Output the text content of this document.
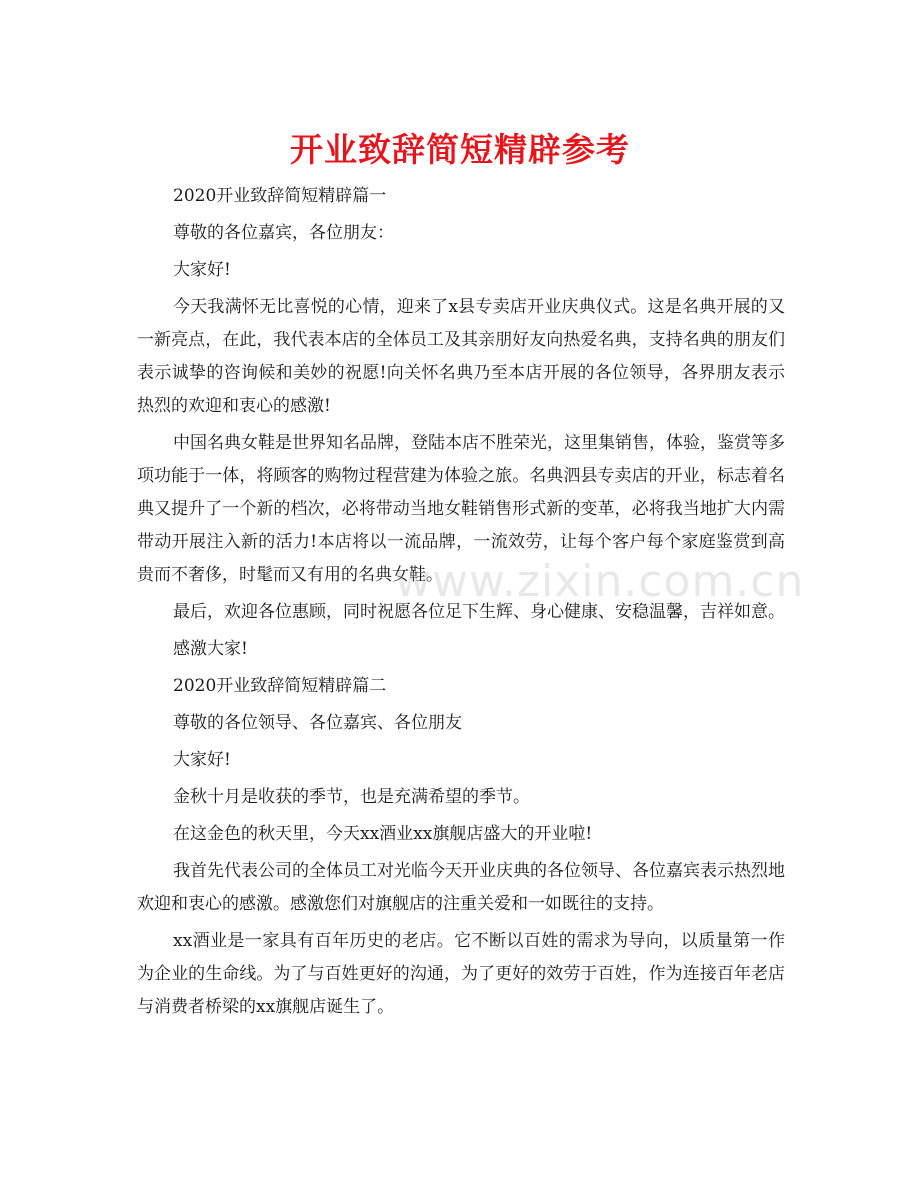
开业致辞简短精辟参考

2020开业致辞简短精辟篇一

尊敬的各位嘉宾，各位朋友：

大家好!

今天我满怀无比喜悦的心情，迎来了x县专卖店开业庆典仪式。这是名典开展的又一新亮点，在此，我代表本店的全体员工及其亲朋好友向热爱名典，支持名典的朋友们表示诚挚的咨询候和美妙的祝愿!向关怀名典乃至本店开展的各位领导，各界朋友表示热烈的欢迎和衷心的感激!

中国名典女鞋是世界知名品牌，登陆本店不胜荣光，这里集销售，体验，鉴赏等多项功能于一体，将顾客的购物过程营建为体验之旅。名典泗县专卖店的开业，标志着名典又提升了一个新的档次，必将带动当地女鞋销售形式新的变革，必将我当地扩大内需带动开展注入新的活力!本店将以一流品牌，一流效劳，让每个客户每个家庭鉴赏到高贵而不奢侈，时髦而又有用的名典女鞋。

最后，欢迎各位惠顾，同时祝愿各位足下生辉、身心健康、安稳温馨，吉祥如意。

感激大家!

2020开业致辞简短精辟篇二

尊敬的各位领导、各位嘉宾、各位朋友

大家好!

金秋十月是收获的季节，也是充满希望的季节。

在这金色的秋天里，今天xx酒业xx旗舰店盛大的开业啦!

我首先代表公司的全体员工对光临今天开业庆典的各位领导、各位嘉宾表示热烈地欢迎和衷心的感激。感激您们对旗舰店的注重关爱和一如既往的支持。

xx酒业是一家具有百年历史的老店。它不断以百姓的需求为导向，以质量第一作为企业的生命线。为了与百姓更好的沟通，为了更好的效劳于百姓，作为连接百年老店与消费者桥梁的xx旗舰店诞生了。

www.zixin.com.cn
